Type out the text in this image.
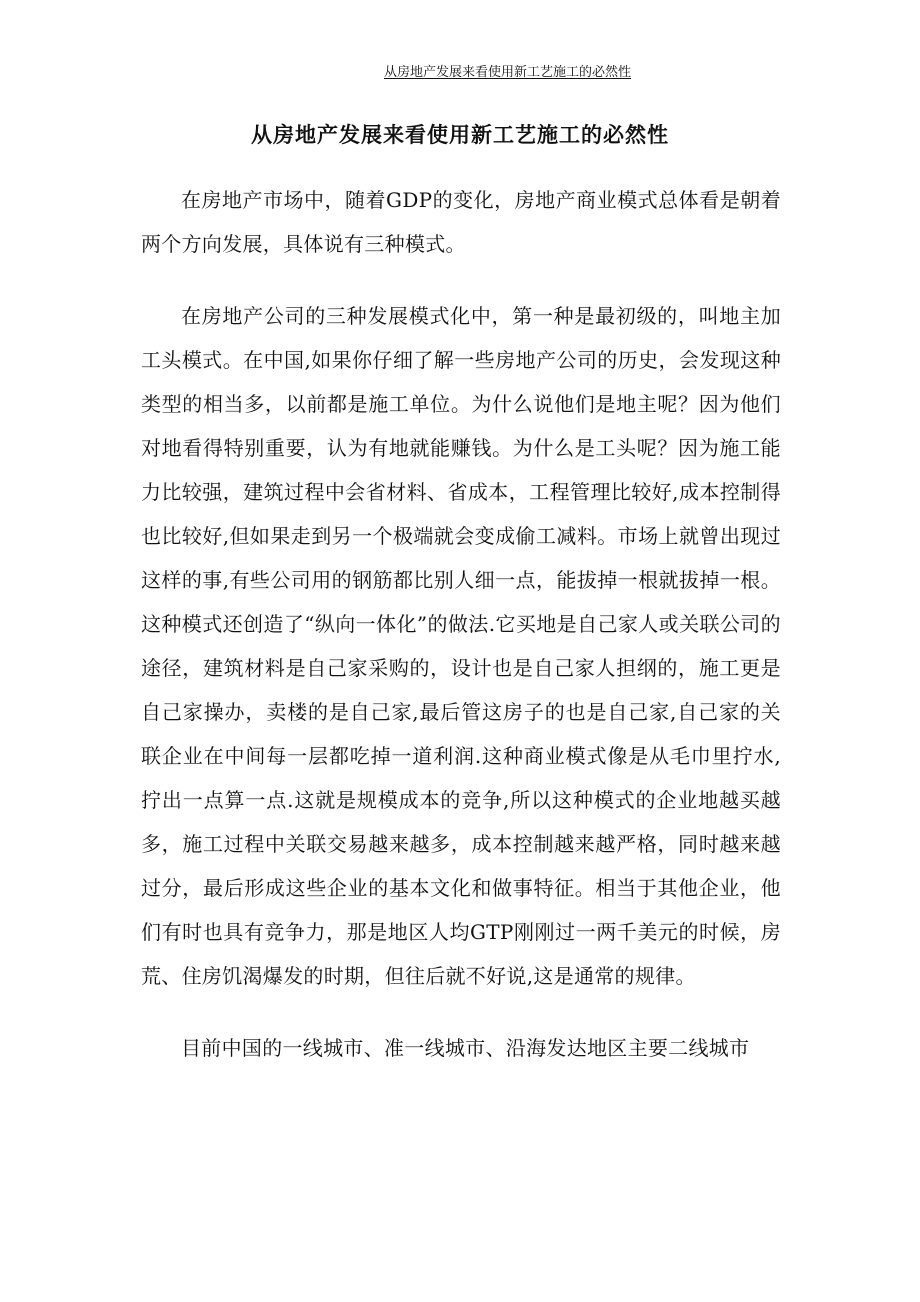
从房地产发展来看使用新工艺施工的必然性
从房地产发展来看使用新工艺施工的必然性

在房地产市场中，随着GDP的变化，房地产商业模式总体看是朝着两个方向发展，具体说有三种模式。

在房地产公司的三种发展模式化中，第一种是最初级的，叫地主加工头模式。在中国,如果你仔细了解一些房地产公司的历史，会发现这种类型的相当多，以前都是施工单位。为什么说他们是地主呢？因为他们对地看得特别重要，认为有地就能赚钱。为什么是工头呢？因为施工能力比较强，建筑过程中会省材料、省成本，工程管理比较好,成本控制得也比较好,但如果走到另一个极端就会变成偷工减料。市场上就曾出现过这样的事,有些公司用的钢筋都比别人细一点，能拔掉一根就拔掉一根。这种模式还创造了“纵向一体化”的做法.它买地是自己家人或关联公司的途径，建筑材料是自己家采购的，设计也是自己家人担纲的，施工更是自己家操办，卖楼的是自己家,最后管这房子的也是自己家,自己家的关联企业在中间每一层都吃掉一道利润.这种商业模式像是从毛巾里拧水,拧出一点算一点.这就是规模成本的竞争,所以这种模式的企业地越买越多，施工过程中关联交易越来越多，成本控制越来越严格，同时越来越过分，最后形成这些企业的基本文化和做事特征。相当于其他企业，他们有时也具有竞争力，那是地区人均GTP刚刚过一两千美元的时候，房荒、住房饥渴爆发的时期，但往后就不好说,这是通常的规律。

目前中国的一线城市、准一线城市、沿海发达地区主要二线城市
